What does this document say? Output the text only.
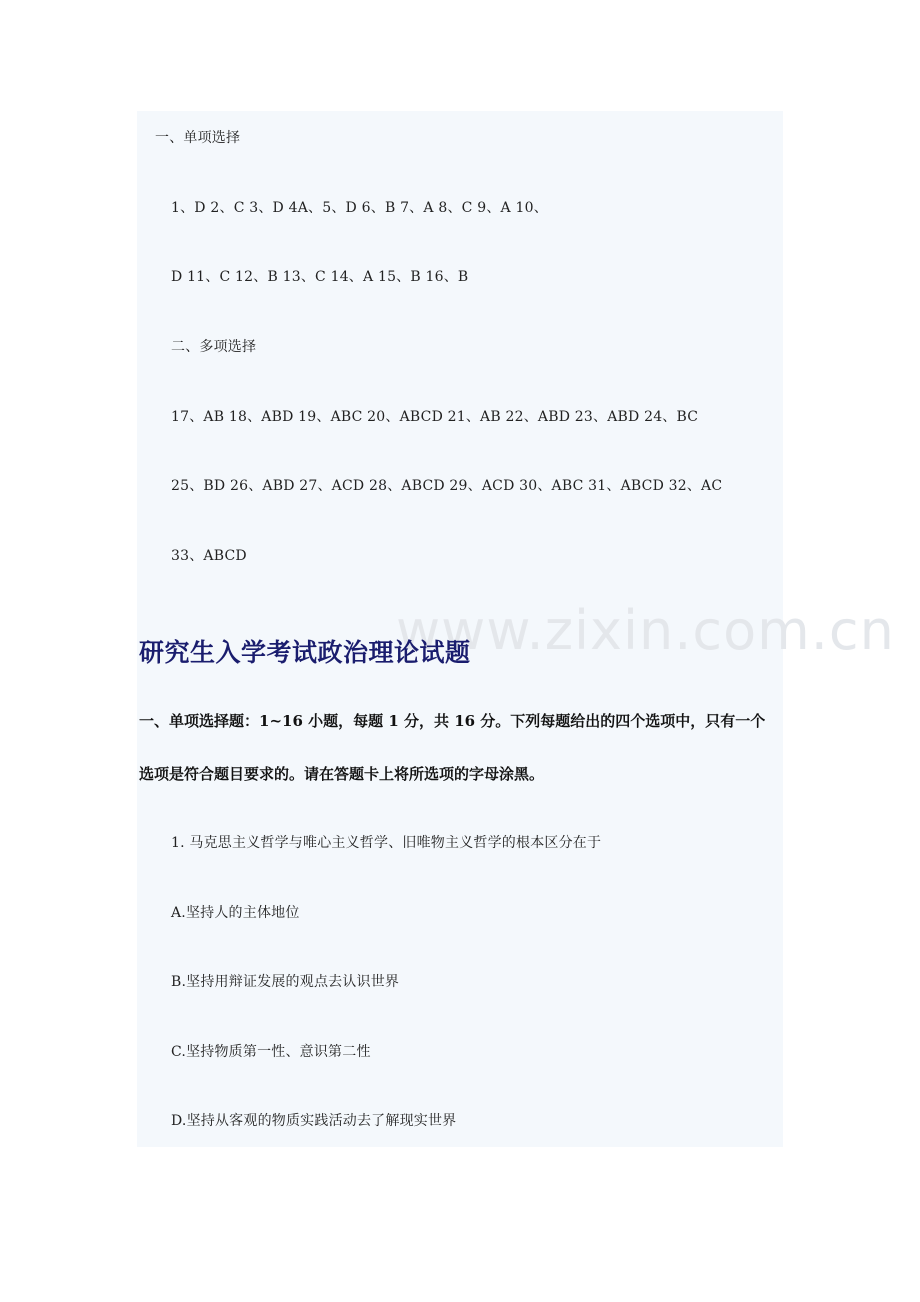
www.zixin.com.cn
一、单项选择
1、D 2、C 3、D 4A、5、D 6、B 7、A 8、C 9、A 10、
D 11、C 12、B 13、C 14、A 15、B 16、B
二、多项选择
17、AB 18、ABD 19、ABC 20、ABCD 21、AB 22、ABD 23、ABD 24、BC
25、BD 26、ABD 27、ACD 28、ABCD 29、ACD 30、ABC 31、ABCD 32、AC
33、ABCD
研究生入学考试政治理论试题
一、单项选择题：1~16 小题，每题 1 分，共 16 分。下列每题给出的四个选项中，只有一个
选项是符合题目要求的。请在答题卡上将所选项的字母涂黑。
1. 马克思主义哲学与唯心主义哲学、旧唯物主义哲学的根本区分在于
A.坚持人的主体地位
B.坚持用辩证发展的观点去认识世界
C.坚持物质第一性、意识第二性
D.坚持从客观的物质实践活动去了解现实世界
